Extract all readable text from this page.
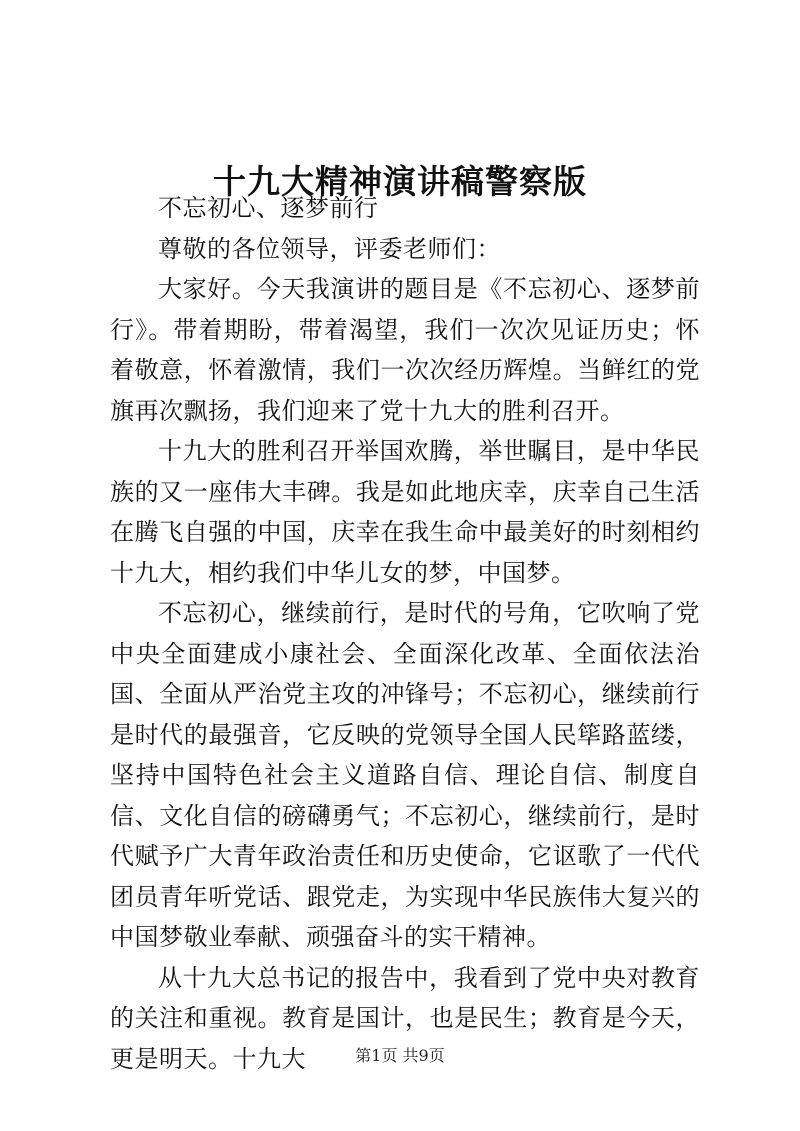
十九大精神演讲稿警察版

不忘初心、逐梦前行

尊敬的各位领导，评委老师们：

大家好。今天我演讲的题目是《不忘初心、逐梦前行》。带着期盼，带着渴望，我们一次次见证历史；怀着敬意，怀着激情，我们一次次经历辉煌。当鲜红的党旗再次飘扬，我们迎来了党十九大的胜利召开。

十九大的胜利召开举国欢腾，举世瞩目，是中华民族的又一座伟大丰碑。我是如此地庆幸，庆幸自己生活在腾飞自强的中国，庆幸在我生命中最美好的时刻相约十九大，相约我们中华儿女的梦，中国梦。

不忘初心，继续前行，是时代的号角，它吹响了党中央全面建成小康社会、全面深化改革、全面依法治国、全面从严治党主攻的冲锋号；不忘初心，继续前行是时代的最强音，它反映的党领导全国人民筚路蓝缕，坚持中国特色社会主义道路自信、理论自信、制度自信、文化自信的磅礴勇气；不忘初心，继续前行，是时代赋予广大青年政治责任和历史使命，它讴歌了一代代团员青年听党话、跟党走，为实现中华民族伟大复兴的中国梦敬业奉献、顽强奋斗的实干精神。

从十九大总书记的报告中，我看到了党中央对教育的关注和重视。教育是国计，也是民生；教育是今天，更是明天。十九大	第1页 共9页
